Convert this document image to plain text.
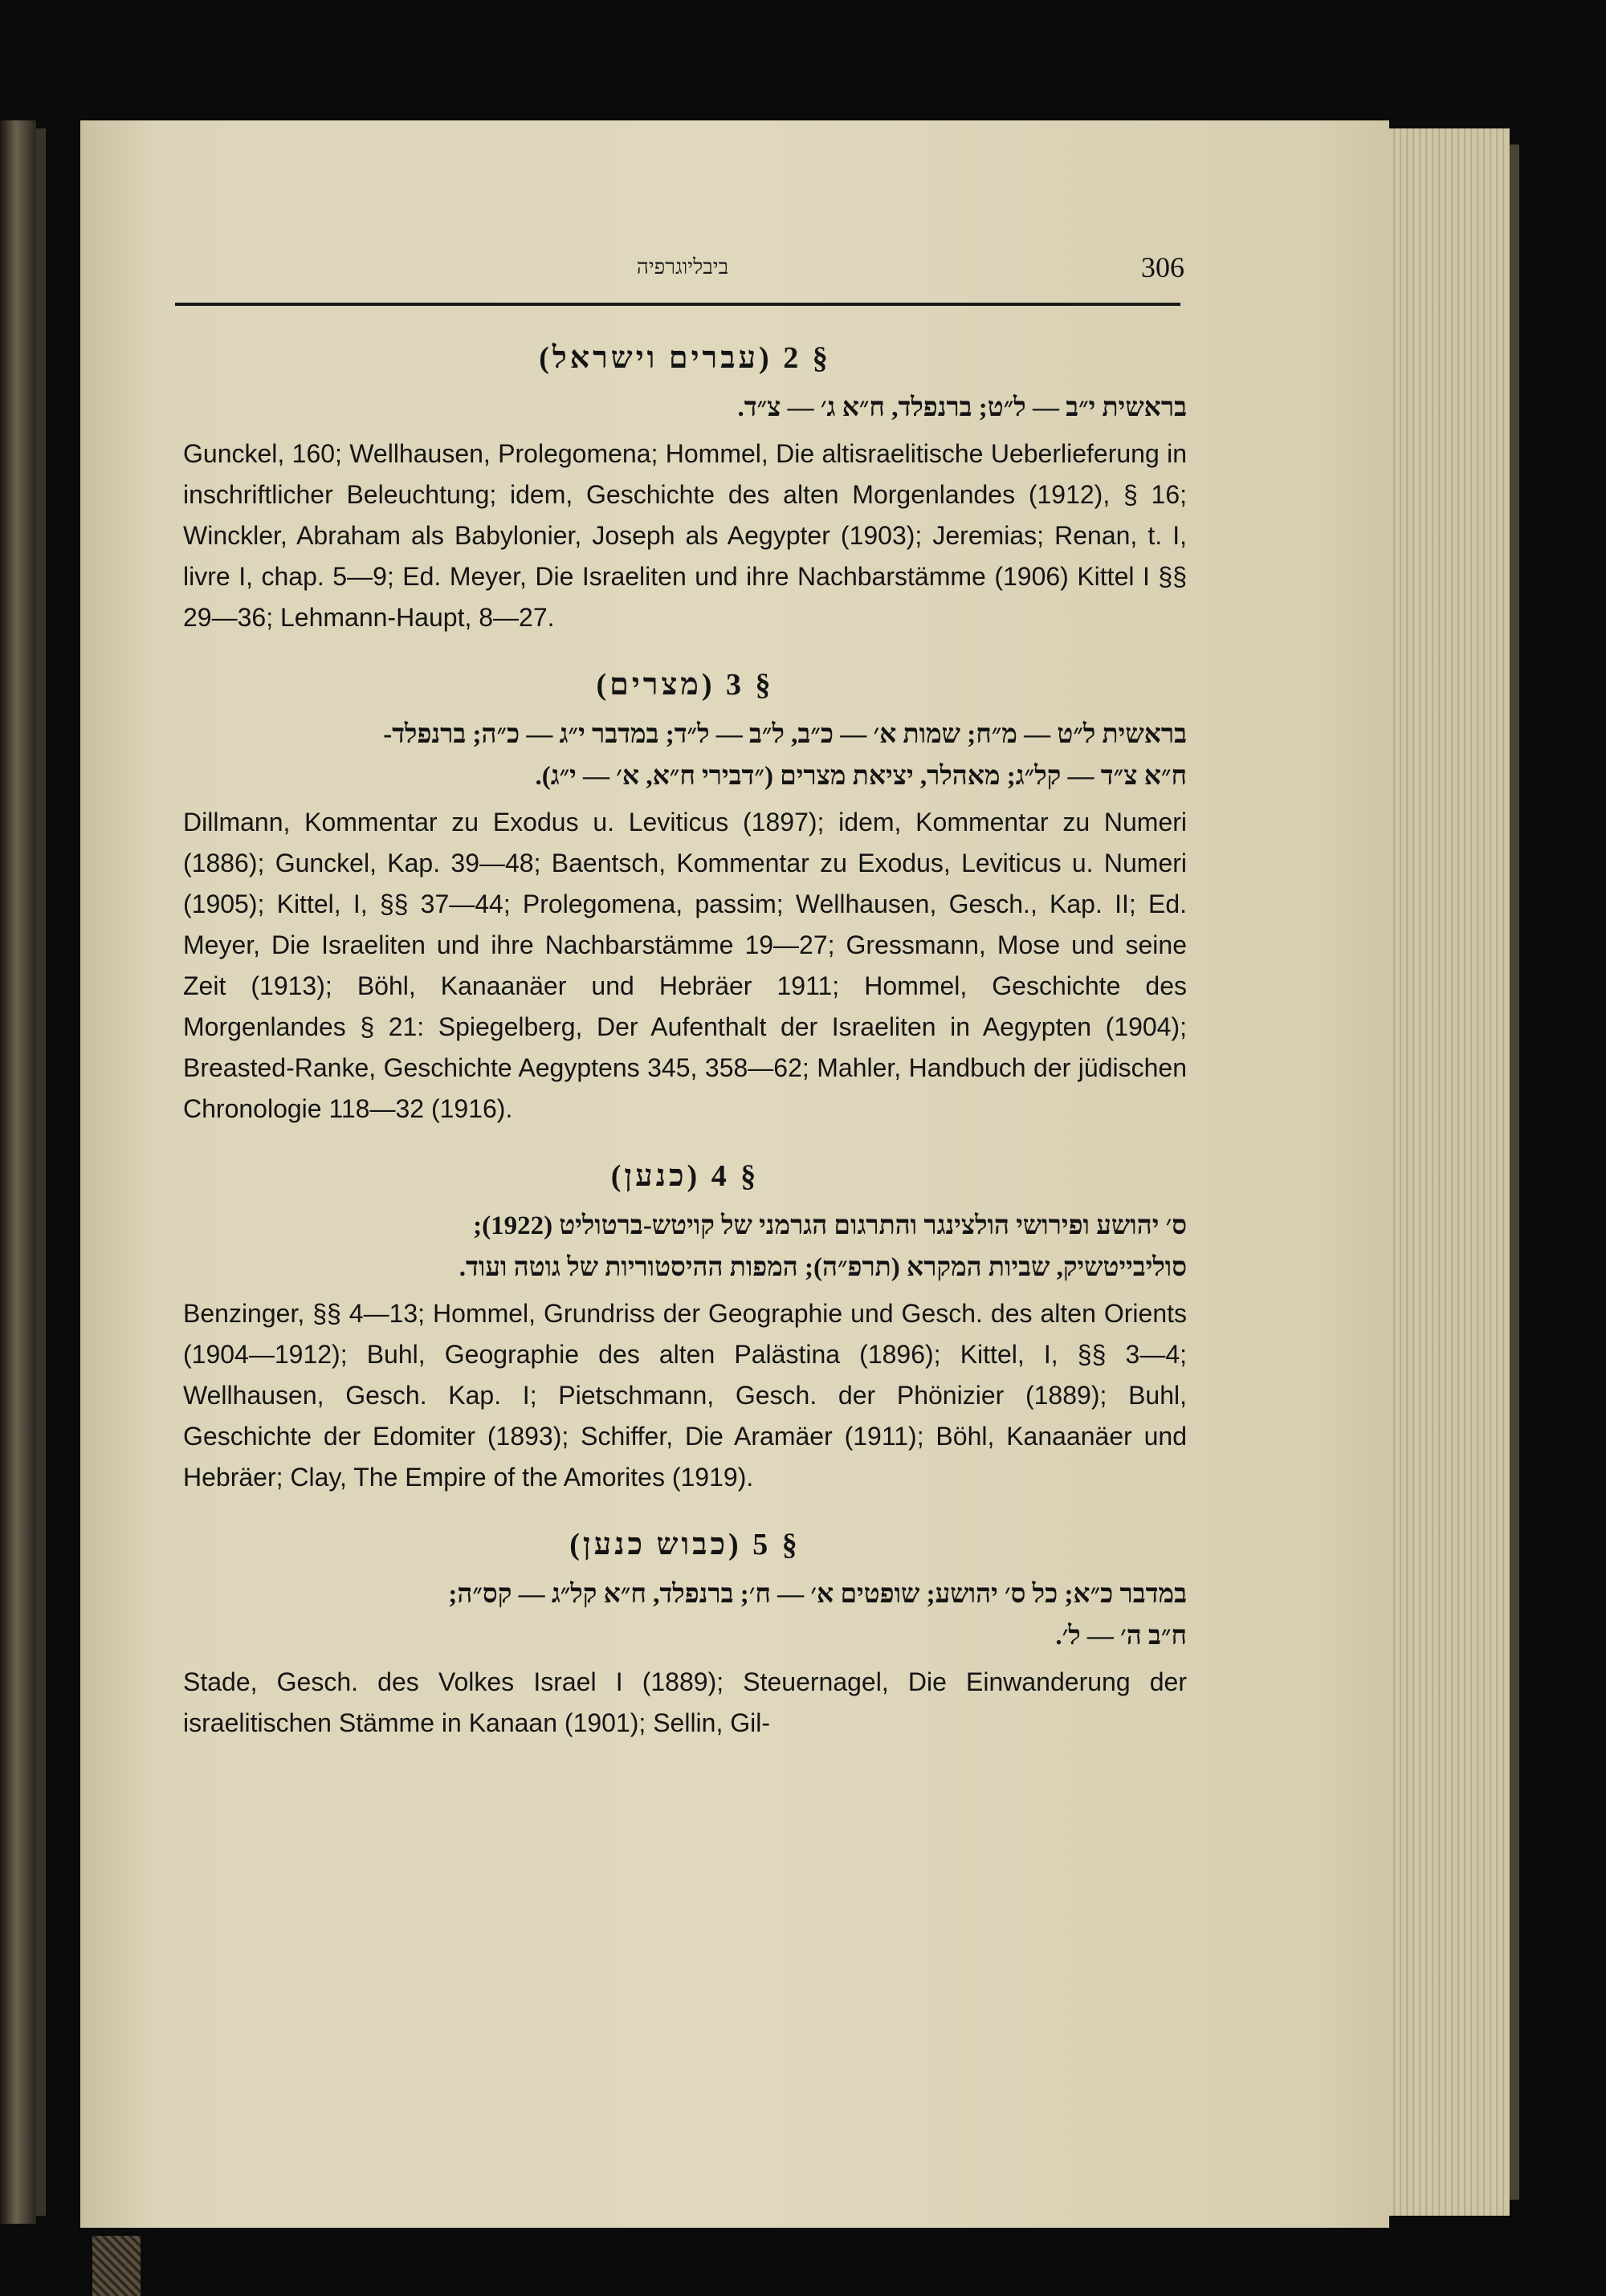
ביבליוגרפיה	306
§ 2 (עברים וישראל)

בראשית י״ב — ל״ט; ברנפלד, ח״א ג׳ — צ״ד.

Gunckel, 160; Wellhausen, Prolegomena; Hommel, Die altisraelitische Ueberlieferung in inschriftlicher Beleuchtung; idem, Geschichte des alten Morgenlandes (1912), § 16; Winckler, Abraham als Babylonier, Joseph als Aegypter (1903); Jeremias; Renan, t. I, livre I, chap. 5—9; Ed. Meyer, Die Israeliten und ihre Nachbarstämme (1906) Kittel I §§ 29—36; Lehmann-Haupt, 8—27.

§ 3 (מצרים)

בראשית ל״ט — מ״ח; שמות א׳ — כ״ב, ל״ב — ל״ד; במדבר י״ג — כ״ה; ברנפלד-

ח״א צ״ד — קל״ג; מאהלר, יציאת מצרים (״דבירי ח״א, א׳ — י״ג).

Dillmann, Kommentar zu Exodus u. Leviticus (1897); idem, Kommentar zu Numeri (1886); Gunckel, Kap. 39—48; Baentsch, Kommentar zu Exodus, Leviticus u. Numeri (1905); Kittel, I, §§ 37—44; Prolegomena, passim; Wellhausen, Gesch., Kap. II; Ed. Meyer, Die Israeliten und ihre Nachbarstämme 19—27; Gressmann, Mose und seine Zeit (1913); Böhl, Kanaanäer und Hebräer 1911; Hommel, Geschichte des Morgenlandes § 21: Spiegelberg, Der Aufenthalt der Israeliten in Aegypten (1904); Breasted-Ranke, Geschichte Aegyptens 345, 358—62; Mahler, Handbuch der jüdischen Chronologie 118—32 (1916).

§ 4 (כנען)

ס׳ יהושע ופירושי הולצינגר והתרגום הגרמני של קויטש-ברטוליט (1922);

סוליבייטשיק, שביות המקרא (תרפ״ה); המפות ההיסטוריות של גוטה ועוד.

Benzinger, §§ 4—13; Hommel, Grundriss der Geographie und Gesch. des alten Orients (1904—1912); Buhl, Geographie des alten Palästina (1896); Kittel, I, §§ 3—4; Wellhausen, Gesch. Kap. I; Pietschmann, Gesch. der Phönizier (1889); Buhl, Geschichte der Edomiter (1893); Schiffer, Die Aramäer (1911); Böhl, Kanaanäer und Hebräer; Clay, The Empire of the Amorites (1919).

§ 5 (כבוש כנען)

במדבר כ״א; כל ס׳ יהושע; שופטים א׳ — ח׳; ברנפלד, ח״א קל״ג — קס״ה;

ח״ב ה׳ — ל׳.

Stade, Gesch. des Volkes Israel I (1889); Steuernagel, Die Einwanderung der israelitischen Stämme in Kanaan (1901); Sellin, Gil-
